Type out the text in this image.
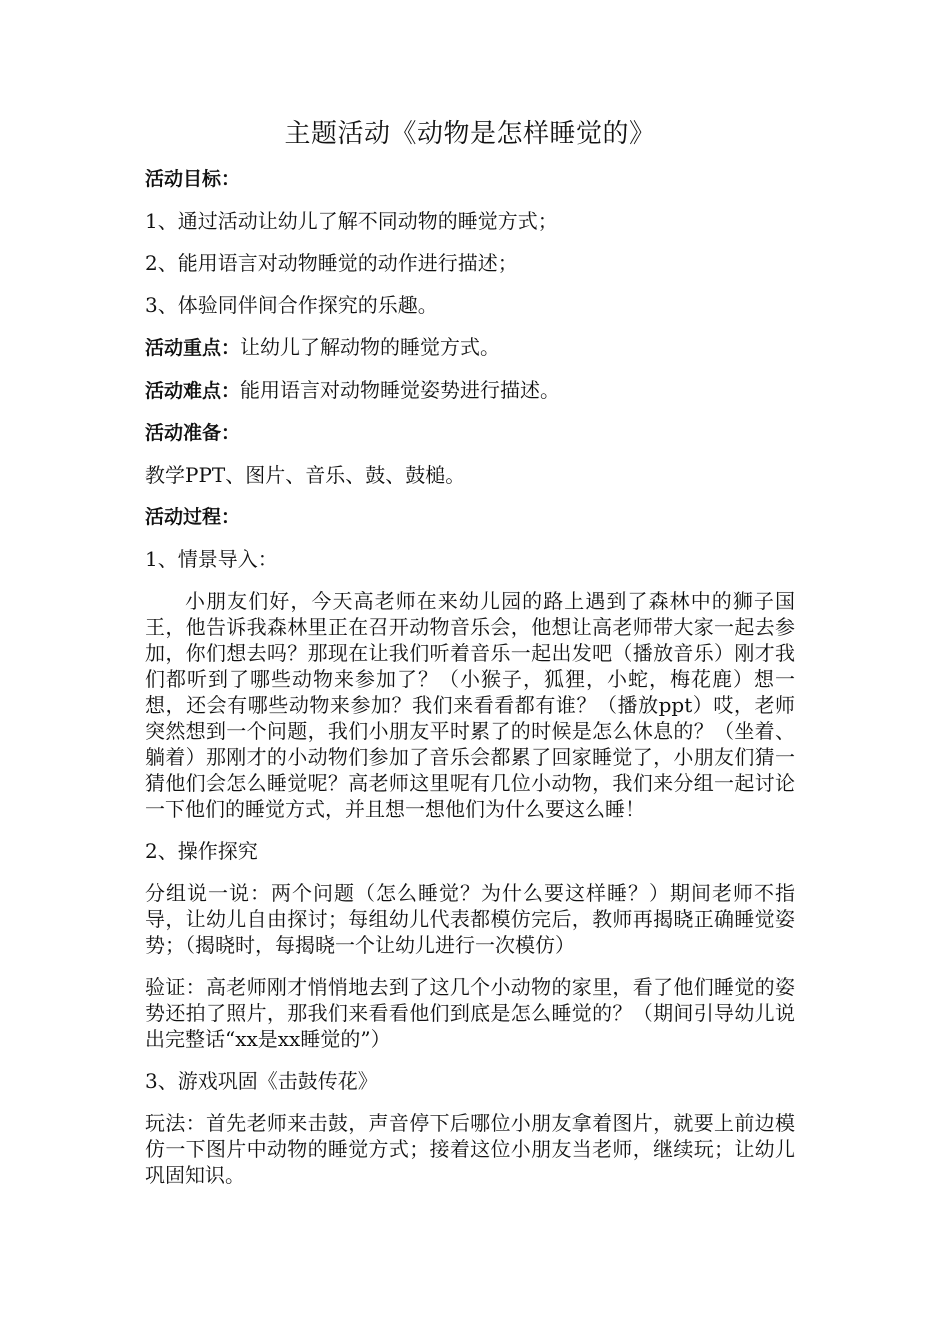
主题活动《动物是怎样睡觉的》

活动目标：

1、通过活动让幼儿了解不同动物的睡觉方式；

2、能用语言对动物睡觉的动作进行描述；

3、体验同伴间合作探究的乐趣。

活动重点：让幼儿了解动物的睡觉方式。

活动难点：能用语言对动物睡觉姿势进行描述。

活动准备：

教学PPT、图片、音乐、鼓、鼓槌。

活动过程：

1、情景导入：

小朋友们好，今天高老师在来幼儿园的路上遇到了森林中的狮子国王，他告诉我森林里正在召开动物音乐会，他想让高老师带大家一起去参加，你们想去吗？那现在让我们听着音乐一起出发吧（播放音乐）刚才我们都听到了哪些动物来参加了？（小猴子，狐狸，小蛇，梅花鹿）想一想，还会有哪些动物来参加？我们来看看都有谁？（播放ppt）哎，老师突然想到一个问题，我们小朋友平时累了的时候是怎么休息的？（坐着、躺着）那刚才的小动物们参加了音乐会都累了回家睡觉了，小朋友们猜一猜他们会怎么睡觉呢？高老师这里呢有几位小动物，我们来分组一起讨论一下他们的睡觉方式，并且想一想他们为什么要这么睡！

2、操作探究

分组说一说：两个问题（怎么睡觉？为什么要这样睡？）期间老师不指导，让幼儿自由探讨；每组幼儿代表都模仿完后，教师再揭晓正确睡觉姿势；（揭晓时，每揭晓一个让幼儿进行一次模仿）

验证：高老师刚才悄悄地去到了这几个小动物的家里，看了他们睡觉的姿势还拍了照片，那我们来看看他们到底是怎么睡觉的？（期间引导幼儿说出完整话“xx是xx睡觉的”）

3、游戏巩固《击鼓传花》

玩法：首先老师来击鼓，声音停下后哪位小朋友拿着图片，就要上前边模仿一下图片中动物的睡觉方式；接着这位小朋友当老师，继续玩；让幼儿巩固知识。
